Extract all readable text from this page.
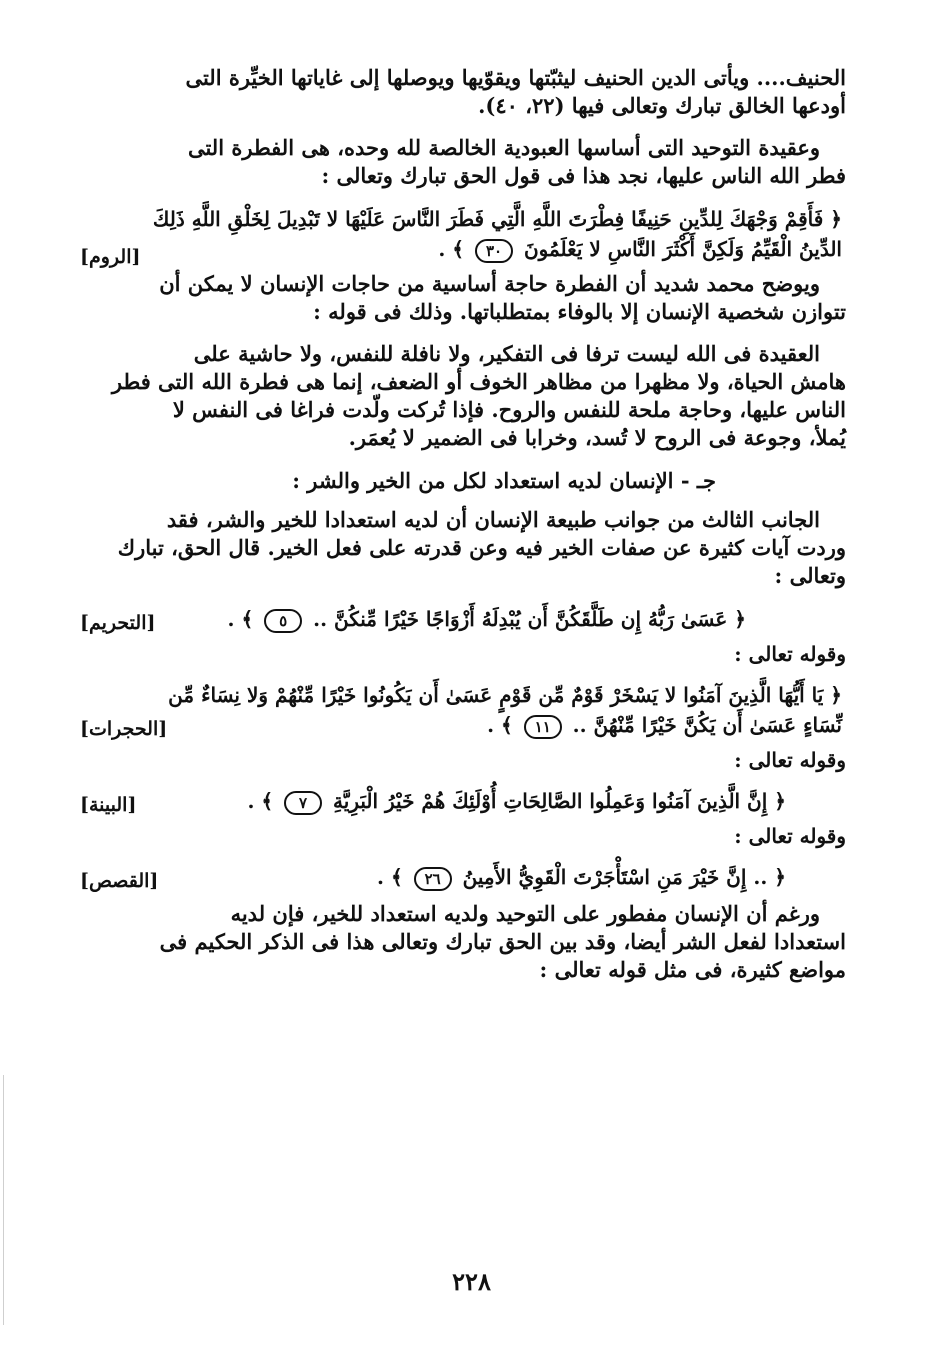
الحنيف.... ويأتى الدين الحنيف ليثبّتها ويقوّيها ويوصلها إلى غاياتها الخيِّرة التى
أودعها الخالق تبارك وتعالى فيها (٢٢، ٤٠).

وعقيدة التوحيد التى أساسها العبودية الخالصة لله وحده، هى الفطرة التى
فطر الله الناس عليها، نجد هذا فى قول الحق تبارك وتعالى :

﴿ فَأَقِمْ وَجْهَكَ لِلدِّينِ حَنِيفًا فِطْرَتَ اللَّهِ الَّتِي فَطَرَ النَّاسَ عَلَيْهَا لا تَبْدِيلَ لِخَلْقِ اللَّهِ ذَلِكَ
الدِّينُ الْقَيِّمُ وَلَكِنَّ أَكْثَرَ النَّاسِ لا يَعْلَمُونَ ٣٠ ﴾ .
[الروم]

ويوضح محمد شديد أن الفطرة حاجة أساسية من حاجات الإنسان لا يمكن أن
تتوازن شخصية الإنسان إلا بالوفاء بمتطلباتها. وذلك فى قوله :

العقيدة فى الله ليست ترفا فى التفكير، ولا نافلة للنفس، ولا حاشية على
هامش الحياة، ولا مظهرا من مظاهر الخوف أو الضعف، إنما هى فطرة الله التى فطر
الناس عليها، وحاجة ملحة للنفس والروح. فإذا تُركت ولّدت فراغا فى النفس لا
يُملأ، وجوعة فى الروح لا تُسد، وخرابا فى الضمير لا يُعمَر.

جـ - الإنسان لديه استعداد لكل من الخير والشر :

الجانب الثالث من جوانب طبيعة الإنسان أن لديه استعدادا للخير والشر، فقد
وردت آيات كثيرة عن صفات الخير فيه وعن قدرته على فعل الخير. قال الحق، تبارك
وتعالى :

﴿ عَسَىٰ رَبُّهُ إِن طَلَّقَكُنَّ أَن يُبْدِلَهُ أَزْوَاجًا خَيْرًا مِّنكُنَّ .. ٥ ﴾ .
[التحريم]
وقوله تعالى :
﴿ يَا أَيُّهَا الَّذِينَ آمَنُوا لا يَسْخَرْ قَوْمٌ مِّن قَوْمٍ عَسَىٰ أَن يَكُونُوا خَيْرًا مِّنْهُمْ وَلا نِسَاءٌ مِّن
نِّسَاءٍ عَسَىٰ أَن يَكُنَّ خَيْرًا مِّنْهُنَّ .. ١١ ﴾ .
[الحجرات]
وقوله تعالى :
﴿ إِنَّ الَّذِينَ آمَنُوا وَعَمِلُوا الصَّالِحَاتِ أُوْلَئِكَ هُمْ خَيْرُ الْبَرِيَّةِ ٧ ﴾ .
[البينة]
وقوله تعالى :
﴿ .. إِنَّ خَيْرَ مَنِ اسْتَأْجَرْتَ الْقَوِيُّ الأَمِينُ ٢٦ ﴾ .
[القصص]

ورغم أن الإنسان مفطور على التوحيد ولديه استعداد للخير، فإن لديه
استعدادا لفعل الشر أيضا، وقد بين الحق تبارك وتعالى هذا فى الذكر الحكيم فى
مواضع كثيرة، فى مثل قوله تعالى :

٢٢٨
